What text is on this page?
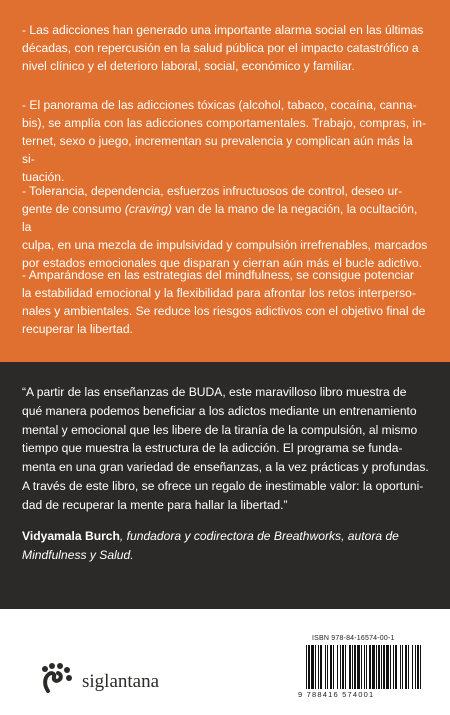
- Las adicciones han generado una importante alarma social en las últimas
décadas, con repercusión en la salud pública por el impacto catastrófico a
nivel clínico y el deterioro laboral, social, económico y familiar.
- El panorama de las adicciones tóxicas (alcohol, tabaco, cocaína, canna-
bis), se amplía con las adicciones comportamentales. Trabajo, compras, in-
ternet, sexo o juego, incrementan su prevalencia y complican aún más la si-
tuación.
- Tolerancia, dependencia, esfuerzos infructuosos de control, deseo ur-
gente de consumo (craving) van de la mano de la negación, la ocultación, la
culpa, en una mezcla de impulsividad y compulsión irrefrenables, marcados
por estados emocionales que disparan y cierran aún más el bucle adictivo.
- Amparándose en las estrategias del mindfulness, se consigue potenciar
la estabilidad emocional y la flexibilidad para afrontar los retos interperso-
nales y ambientales. Se reduce los riesgos adictivos con el objetivo final de
recuperar la libertad.
“A partir de las enseñanzas de BUDA, este maravilloso libro muestra de
qué manera podemos beneficiar a los adictos mediante un entrenamiento
mental y emocional que les libere de la tiranía de la compulsión, al mismo
tiempo que muestra la estructura de la adicción. El programa se funda-
menta en una gran variedad de enseñanzas, a la vez prácticas y profundas.
A través de este libro, se ofrece un regalo de inestimable valor: la oportuni-
dad de recuperar la mente para hallar la libertad.”
Vidyamala Burch, fundadora y codirectora de Breathworks, autora de
Mindfulness y Salud.
siglantana
ISBN 978-84-16574-00-1
9 788416 574001
